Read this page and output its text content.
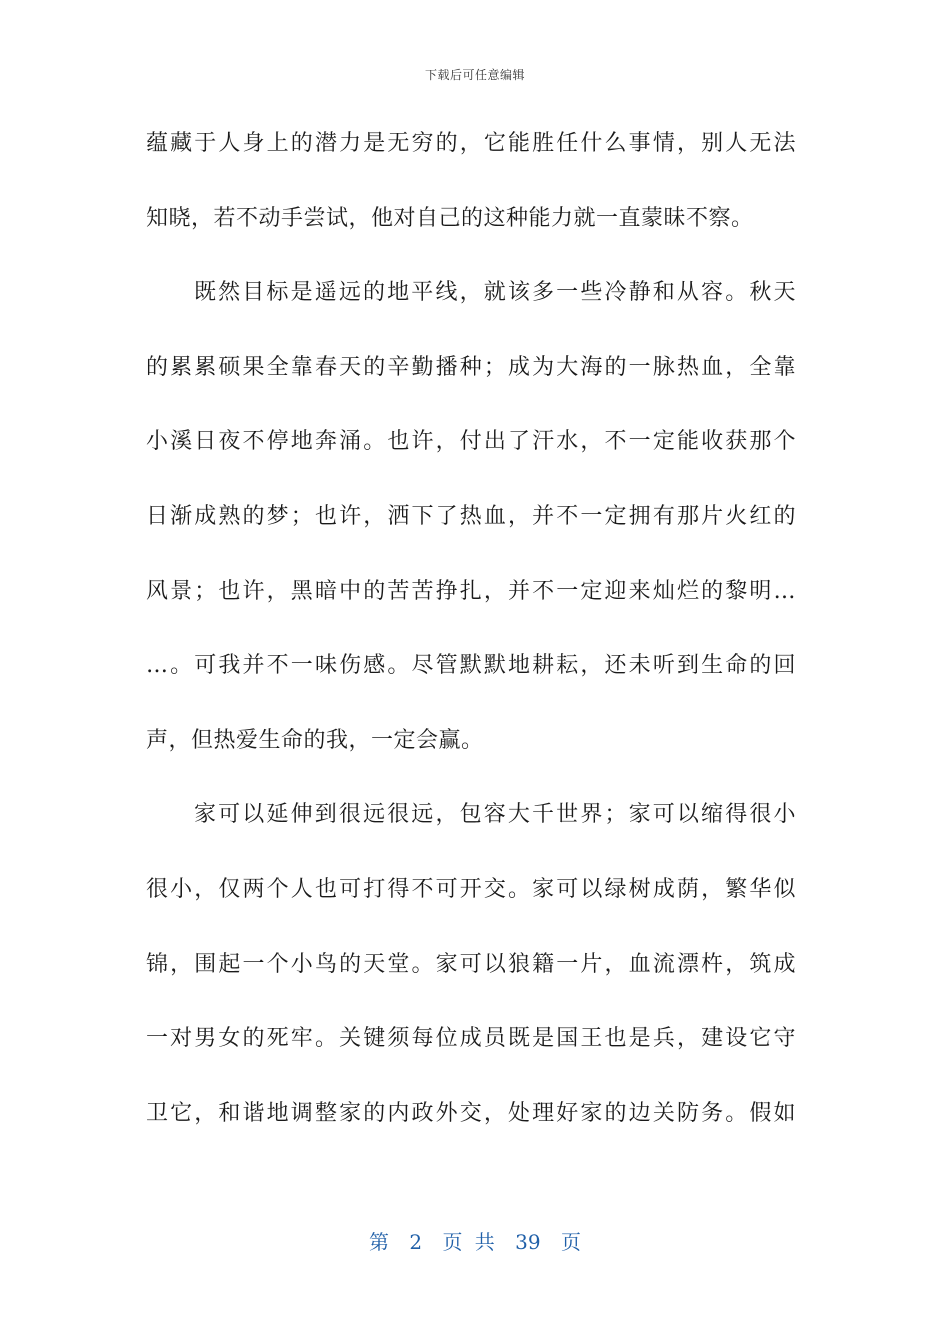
下载后可任意编辑
蕴藏于人身上的潜力是无穷的，它能胜任什么事情，别人无法
知晓，若不动手尝试，他对自己的这种能力就一直蒙昧不察。
既然目标是遥远的地平线，就该多一些冷静和从容。秋天
的累累硕果全靠春天的辛勤播种；成为大海的一脉热血，全靠
小溪日夜不停地奔涌。也许，付出了汗水，不一定能收获那个
日渐成熟的梦；也许，洒下了热血，并不一定拥有那片火红的
风景；也许，黑暗中的苦苦挣扎，并不一定迎来灿烂的黎明…
…。可我并不一味伤感。尽管默默地耕耘，还未听到生命的回
声，但热爱生命的我，一定会赢。
家可以延伸到很远很远，包容大千世界；家可以缩得很小
很小，仅两个人也可打得不可开交。家可以绿树成荫，繁华似
锦，围起一个小鸟的天堂。家可以狼籍一片，血流漂杵，筑成
一对男女的死牢。关键须每位成员既是国王也是兵，建设它守
卫它，和谐地调整家的内政外交，处理好家的边关防务。假如
第 2 页 共 39 页
